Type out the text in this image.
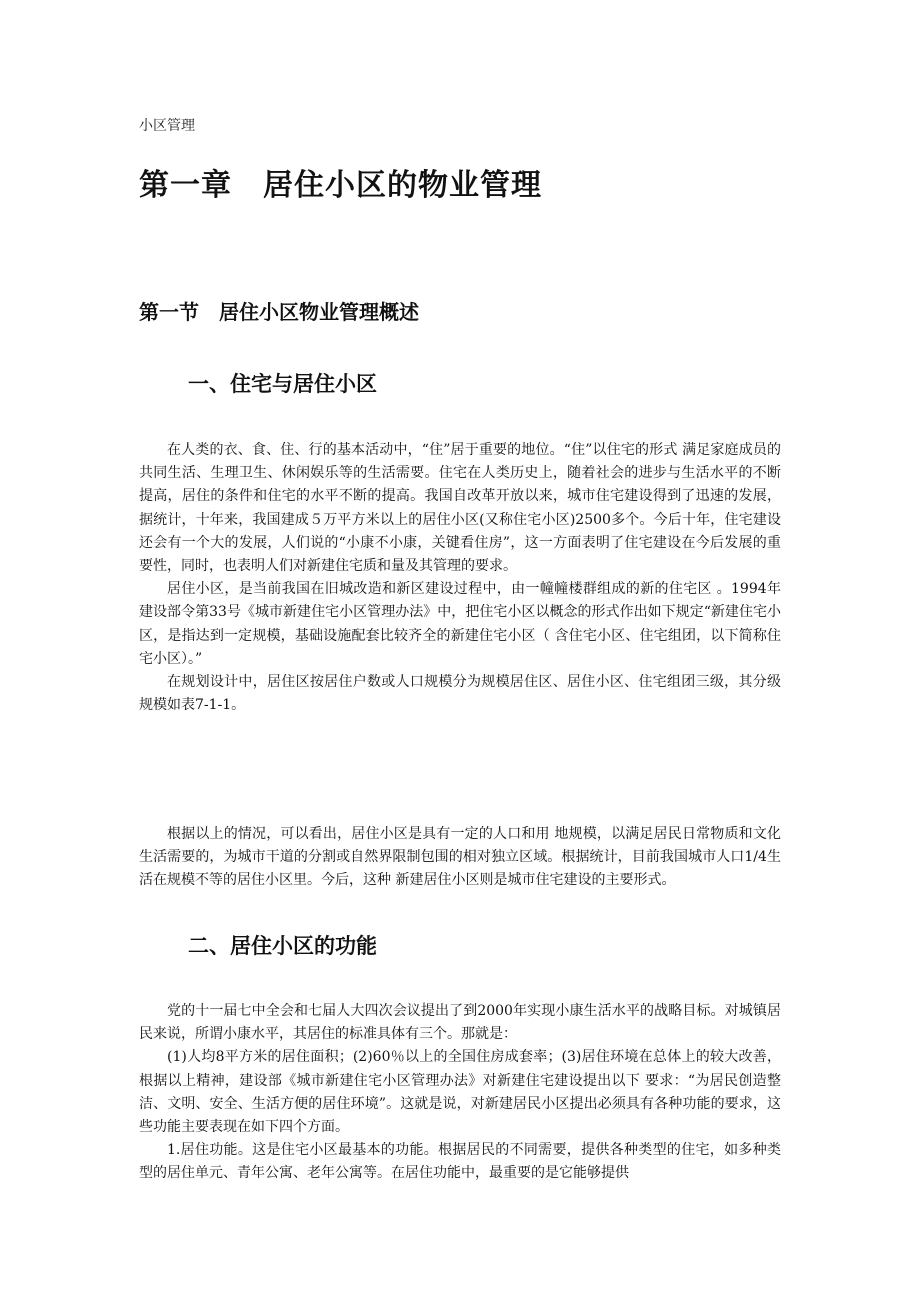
小区管理
第一章　居住小区的物业管理
第一节　居住小区物业管理概述
一、住宅与居住小区

在人类的衣、食、住、行的基本活动中，“住”居于重要的地位。“住”以住宅的形式 满足家庭成员的共同生活、生理卫生、休闲娱乐等的生活需要。住宅在人类历史上，随着社会的进步与生活水平的不断提高，居住的条件和住宅的水平不断的提高。我国自改革开放以来，城市住宅建设得到了迅速的发展，据统计，十年来，我国建成５万平方米以上的居住小区(又称住宅小区)2500多个。今后十年，住宅建设还会有一个大的发展，人们说的“小康不小康，关键看住房”，这一方面表明了住宅建设在今后发展的重要性，同时，也表明人们对新建住宅质和量及其管理的要求。

居住小区，是当前我国在旧城改造和新区建设过程中，由一幢幢楼群组成的新的住宅区 。1994年建设部令第33号《城市新建住宅小区管理办法》中，把住宅小区以概念的形式作出如下规定“新建住宅小区，是指达到一定规模，基础设施配套比较齐全的新建住宅小区（ 含住宅小区、住宅组团，以下简称住宅小区）。”

在规划设计中，居住区按居住户数或人口规模分为规模居住区、居住小区、住宅组团三级，其分级规模如表7-1-1。

根据以上的情况，可以看出，居住小区是具有一定的人口和用 地规模，以满足居民日常物质和文化生活需要的，为城市干道的分割或自然界限制包围的相对独立区域。根据统计，目前我国城市人口1/4生活在规模不等的居住小区里。今后，这种 新建居住小区则是城市住宅建设的主要形式。

二、居住小区的功能

党的十一届七中全会和七届人大四次会议提出了到2000年实现小康生活水平的战略目标。对城镇居民来说，所谓小康水平，其居住的标准具体有三个。那就是：

(1)人均8平方米的居住面积；(2)60％以上的全国住房成套率；(3)居住环境在总体上的较大改善，根据以上精神，建设部《城市新建住宅小区管理办法》对新建住宅建设提出以下 要求：“为居民创造整洁、文明、安全、生活方便的居住环境”。这就是说，对新建居民小区提出必须具有各种功能的要求，这些功能主要表现在如下四个方面。

1.居住功能。这是住宅小区最基本的功能。根据居民的不同需要，提供各种类型的住宅，如多种类型的居住单元、青年公寓、老年公寓等。在居住功能中，最重要的是它能够提供
